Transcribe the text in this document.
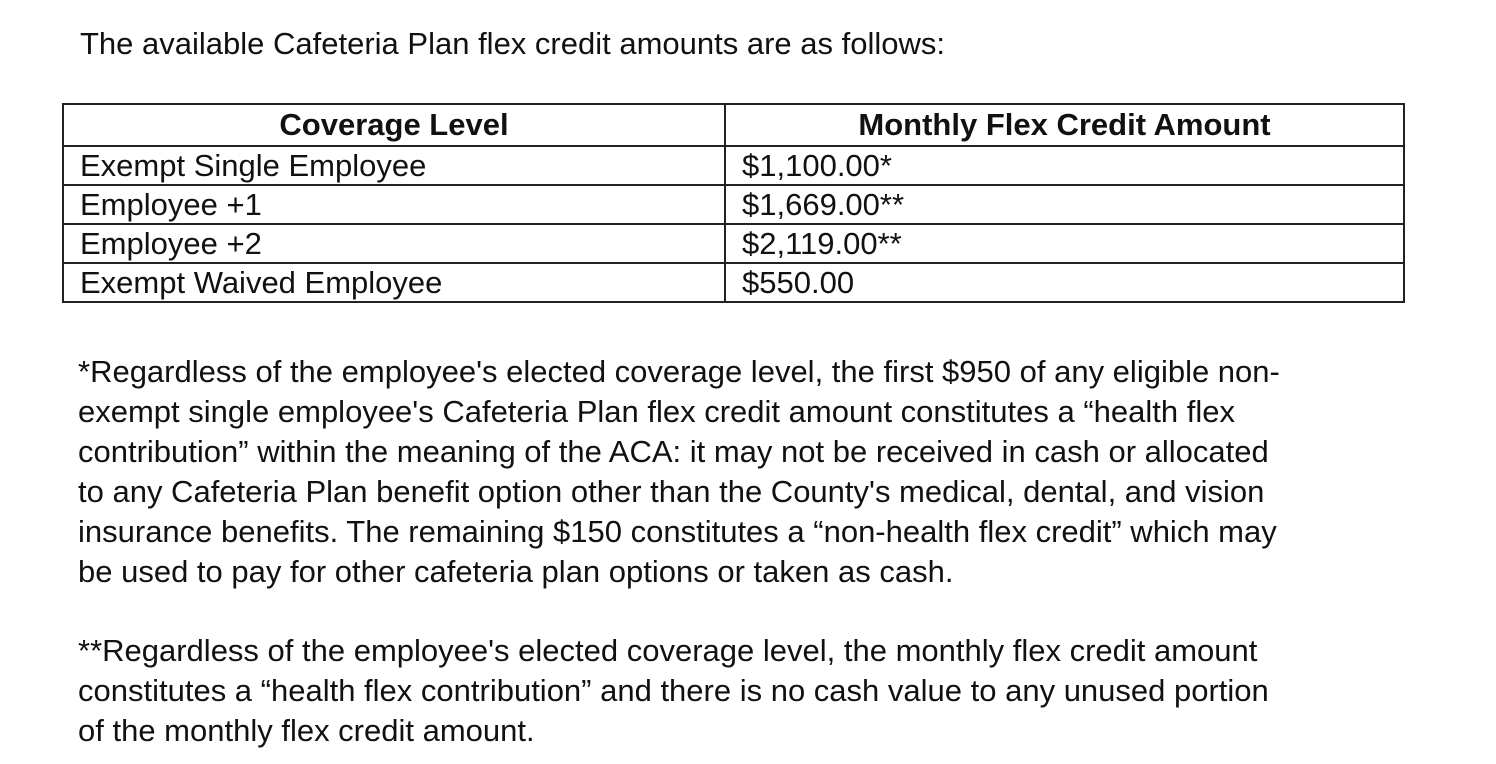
The available Cafeteria Plan flex credit amounts are as follows:
Coverage Level	Monthly Flex Credit Amount
Exempt Single Employee	$1,100.00*
Employee +1	$1,669.00**
Employee +2	$2,119.00**
Exempt Waived Employee	$550.00
*Regardless of the employee's elected coverage level, the first $950 of any eligible non-
exempt single employee's Cafeteria Plan flex credit amount constitutes a “health flex
contribution” within the meaning of the ACA: it may not be received in cash or allocated
to any Cafeteria Plan benefit option other than the County's medical, dental, and vision
insurance benefits. The remaining $150 constitutes a “non-health flex credit” which may
be used to pay for other cafeteria plan options or taken as cash.
**Regardless of the employee's elected coverage level, the monthly flex credit amount
constitutes a “health flex contribution” and there is no cash value to any unused portion
of the monthly flex credit amount.
